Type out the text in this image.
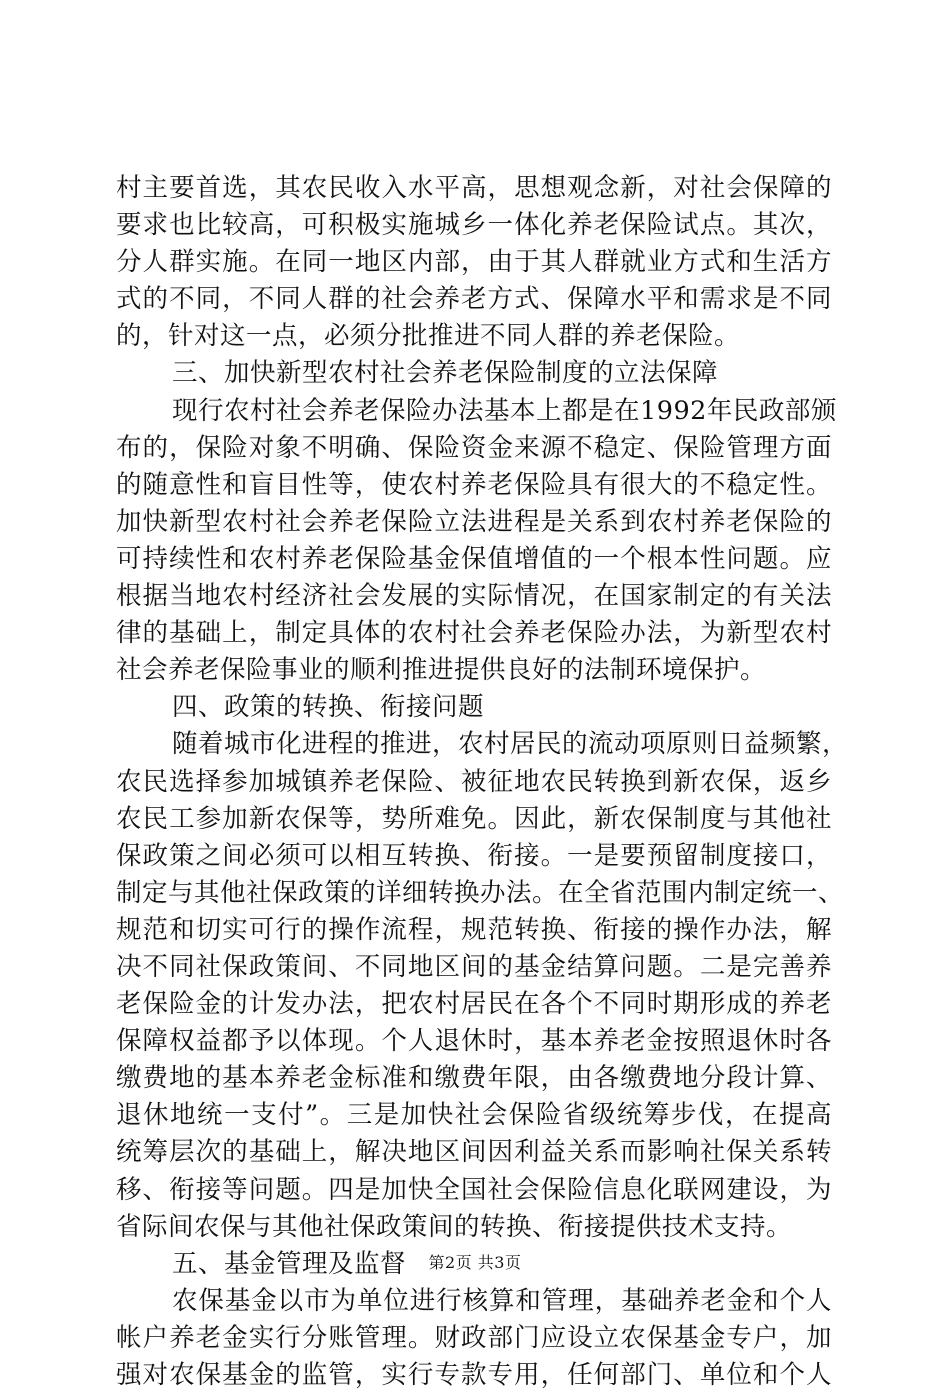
村主要首选，其农民收入水平高，思想观念新，对社会保障的
要求也比较高，可积极实施城乡一体化养老保险试点。其次，
分人群实施。在同一地区内部，由于其人群就业方式和生活方
式的不同，不同人群的社会养老方式、保障水平和需求是不同
的，针对这一点，必须分批推进不同人群的养老保险。
三、加快新型农村社会养老保险制度的立法保障
现行农村社会养老保险办法基本上都是在1992年民政部颁
布的，保险对象不明确、保险资金来源不稳定、保险管理方面
的随意性和盲目性等，使农村养老保险具有很大的不稳定性。
加快新型农村社会养老保险立法进程是关系到农村养老保险的
可持续性和农村养老保险基金保值增值的一个根本性问题。应
根据当地农村经济社会发展的实际情况，在国家制定的有关法
律的基础上，制定具体的农村社会养老保险办法，为新型农村
社会养老保险事业的顺利推进提供良好的法制环境保护。
四、政策的转换、衔接问题
随着城市化进程的推进，农村居民的流动项原则日益频繁，
农民选择参加城镇养老保险、被征地农民转换到新农保，返乡
农民工参加新农保等，势所难免。因此，新农保制度与其他社
保政策之间必须可以相互转换、衔接。一是要预留制度接口，
制定与其他社保政策的详细转换办法。在全省范围内制定统一、
规范和切实可行的操作流程，规范转换、衔接的操作办法，解
决不同社保政策间、不同地区间的基金结算问题。二是完善养
老保险金的计发办法，把农村居民在各个不同时期形成的养老
保障权益都予以体现。个人退休时，基本养老金按照退休时各
缴费地的基本养老金标准和缴费年限，由各缴费地分段计算、
退休地统一支付”。三是加快社会保险省级统筹步伐，在提高
统筹层次的基础上，解决地区间因利益关系而影响社保关系转
移、衔接等问题。四是加快全国社会保险信息化联网建设，为
省际间农保与其他社保政策间的转换、衔接提供技术支持。
五、基金管理及监督
农保基金以市为单位进行核算和管理，基础养老金和个人
帐户养老金实行分账管理。财政部门应设立农保基金专户，加
强对农保基金的监管，实行专款专用，任何部门、单位和个人
第2页 共3页
